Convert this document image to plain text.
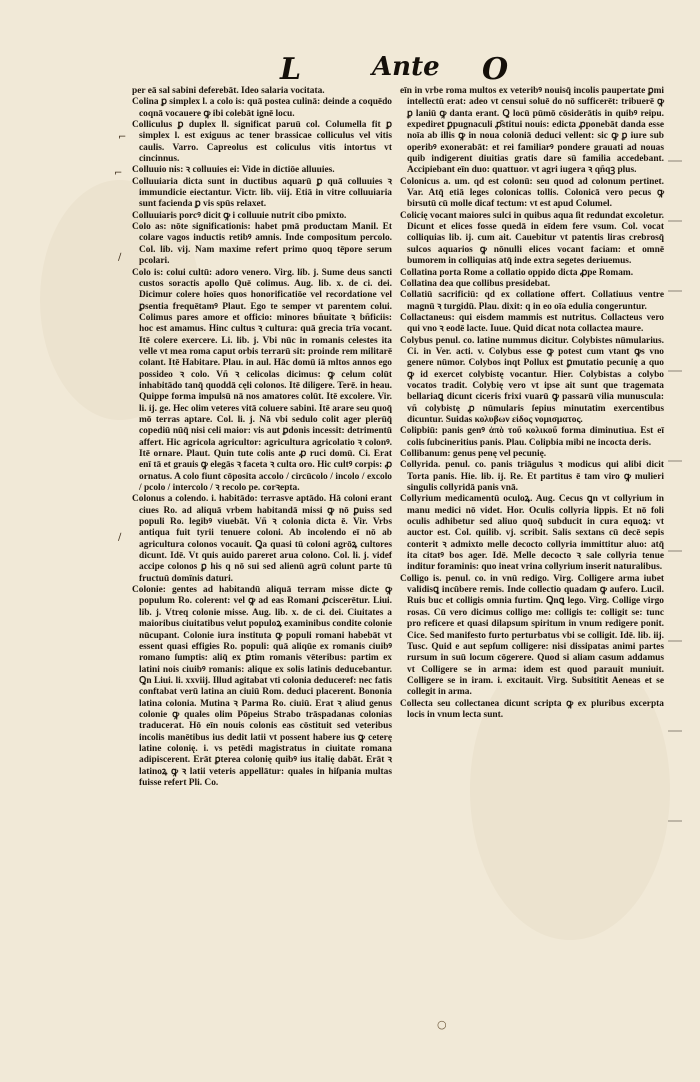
L	Ante O
⌐
⌐
∕
∕

per eā sal sabini deferebāt. Ideo salaria vocitata.

Colina ꝑ simplex l. a colo is: quā postea culinā: deinde a coquēdo coqnā vocauere ꝙ ibi colebāt ignē locu.

Colliculus ꝑ duplex ll. significat paruū col. Columella fit ꝑ simplex l. est exiguus ac tener brassicae colliculus vel vitis caulis. Varro. Capreolus est coliculus vitis intortus vt cincinnus.

Colluuio nis: ꝛ colluuies ei: Vide in dictiōe alluuies.

Colluuiaria dicta sunt in ductibus aquarū ꝑ quā colluuies ꝛ immundicie eiectantur. Victr. lib. viij. Etiā in vitre colluuiaria sunt facienda ꝑ vis spūs relaxet.

Colluuiaris porcꝰ dicit ꝙ i colluuie nutrit cibo pmixto.

Colo as: nōte significationis: habet pmā productam Manil. Et colare vagos inductis retibꝰ amnis. Inde compositum percolo. Col. lib. vij. Nam maxime refert primo quoq tēpore serum pcolari.

Colo is: colui cultū: adoro venero. Virg. lib. j. Sume deus sancti custos soractis apollo Quē colimus. Aug. lib. x. de ci. dei. Dicimur colere hoīes quos honorificatiōe vel recordatione vel ꝑsentia frequētamꝰ Plaut. Ego te semper vt parentem colui. Colimus pares amore et officio: minores bñuitate ꝛ bñficiis: hoc est amamus. Hinc cultus ꝛ cultura: quā grecia trīa vocant. Itē colere exercere. Li. lib. j. Vbi nūc in romanis celestes ita velle vt mea roma caput orbis terrarū sit: proinde rem militarē colant. Itē Habitare. Plau. in aul. Hāc domū iā mltos annos ego possideo ꝛ colo. Vñ ꝛ celicolas dicimus: ꝙ celum colūt inhabitādo tanq̄ quoddā cęli colonos. Itē diligere. Terē. in heau. Quippe forma impulsū nā nos amatores colūt. Itē excolere. Vir. li. ij. ge. Hec olim veteres vitā coluere sabini. Itē arare seu quoq̄ mō terras aptare. Col. li. j. Nā vbi sedulo colit ager plerūq̄ copediū nūq̄ nisi celi maior: vis aut ꝑdonis incessit: detrimentū affert. Hic agricola agricultor: agricultura agricolatio ꝛ colonꝰ. Itē ornare. Plaut. Quin tute colis ante ꝓ ruci domū. Ci. Erat enī tā et grauis ꝙ elegās ꝛ faceta ꝛ culta oro. Hic cultꝰ corpis: ꝓ ornatus. A colo fiunt cōposita accolo / circūcolo / incolo / excolo / pcolo / intercolo / ꝛ recolo pe. corꝛepta.

Colonus a colendo. i. habitādo: terrasve aptādo. Hā coloni erant ciues Ro. ad aliquā vrbem habitandā missi ꝙ nō ꝑuiss sed populi Ro. legibꝰ viuebāt. Vñ ꝛ colonia dicta ē. Vir. Vrbs antiqua fuit tyrii tenuere coloni. Ab incolendo eī nō ab agricultura colonos vocauit. Ꝗa quasi tū coloni agrōꝝ cultores dicunt. Idē. Vt quis auido pareret arua colono. Col. li. j. videf accipe colonos ꝑ his q nō sui sed alienū agrū colunt parte tū fructuū domīnis daturi.

Colonie: gentes ad habitandū aliquā terram misse dicte ꝙ populum Ro. colerent: vel ꝙ ad eas Romani ꝓciscerētur. Liui. lib. j. Vtreq colonie misse. Aug. lib. x. de ci. dei. Ciuitates a maioribus ciuitatibus velut populoꝝ examinibus condite colonie nūcupant. Colonie iura instituta ꝙ populi romani habebāt vt essent quasi effigies Ro. populi: quā aliqūe ex romanis ciuibꝰ romano ſumptis: aliq̄ ex ꝑtim romanis vēteribus: partim ex latini nois ciuibꝰ romanis: alique ex solis latinis deducebantur. Ꝗn Liui. li. xxviij. Illud agitabat vti colonia deduceref: nec fatis conftabat verū latina an ciuiū Rom. deduci placerent. Bononia latina colonia. Mutina ꝛ Parma Ro. ciuiū. Erat ꝛ aliud genus colonie ꝙ quales olim Pōpeius Strabo trāspadanas colonias traducerat. Hō eīn nouis colonis eas cōstituit sed veteribus incolis manētibus ius dedit latii vt possent habere ius ꝙ ceterę latine colonię. i. vs petēdi magistratus in ciuitate romana adipiscerent. Erāt ꝑterea colonię quibꝰ ius italię dabāt. Erāt ꝛ latinoꝝ ꝙ ꝛ latii veteris appellātur: quales in hiſpania multas fuisse refert Pli. Co.

eīn in vrbe roma multos ex veteribꝰ nouisq̄ incolis paupertate ꝑmi intellectū erat: adeo vt censui soluē do nō sufficerēt: tribuerē ꝙ ꝑ laniū ꝙ danta erant. Ꝗ locū pūmō cōsiderātis in quibꝰ reipu. expediret ꝑpugnaculi ꝓ̄stitui nouis: edicta ꝓponebāt danda esse noīa ab illis ꝙ in noua coloniā deduci vellent: sic ꝙ ꝑ iure sub operibꝰ exonerabāt: et rei familiarꝰ pondere grauati ad nouas quib indigerent diuitias gratis dare sū familia accedebant. Accipiebant eīn duo: quattuor. vt agri iugera ꝛ qñqꝫ plus.

Colonicus a. um. qd est colonū: seu quod ad colonum pertinet. Var. Atq̄ etiā leges colonicas tollis. Colonicā vero pecus ꝙ birsutū cū molle dicaf tectum: vt est apud Columel.

Colicię vocant maiores sulci in quibus aqua ſit redundat excoletur. Dicunt et elices fosse quedā in eīdem fere vsum. Col. vocat colliquias lib. ij. cum ait. Cauebitur vt patentis liras crebrosq̄ sulcos aquarios ꝙ nōnulli elices vocant faciam: et omnē bumorem in colliquias atq̄ inde extra segetes deriuemus.

Collatina porta Rome a collatio oppido dicta ꝓpe Romam.

Collatina dea que collibus presidebat.

Collatiū sacrificiū: qd ex collatione offert. Collatiuus ventre magnū ꝛ turgidū. Plau. dixit: q in eo oīa edulia congeruntur.

Collactaneus: qui eisdem mammis est nutritus. Collacteus vero qui vno ꝛ eodē lacte. Iuue. Quid dicat nota collactea maure.

Colybus penul. co. latine nummus dicitur. Colybistes nūmularius. Ci. in Ver. acti. v. Colybus esse ꝙ potest cum vtant ꝙs vno genere nūmor. Colybos inqt Pollux est ꝑmutatio pecunię a quo ꝙ id exercet colybistę vocantur. Hier. Colybistas a colybo vocatos tradit. Colybię vero vt ipse ait sunt que tragemata bellariaꝗ dicunt ciceris frixi vuarū ꝙ passarū vilia munuscula: vñ colybistę ꝓ nūmularis ſepius minutatim exercentibus dicuntur. Suidas κολυβων εἰδος νομισματος.

Colipbiū: panis genꝰ ἀπὸ τοῦ κολικοῦ forma diminutiua. Est eī colis ſubcineritius panis. Plau. Colipbia mibi ne incocta deris.

Collibanum: genus penę vel pecunię.

Collyrida. penul. co. panis triāgulus ꝛ modicus qui alibi dicit Torta panis. Hie. lib. ij. Re. Et partitus ē tam viro ꝙ mulieri singulis collyridā panis vnā.

Collyrium medicamentū oculoꝝ. Aug. Cecus ꝗn vt collyrium in manu medici nō videt. Hor. Oculis collyria lippis. Et nō foli oculis adhibetur sed aliuo quoq̄ subducit in cura equoꝝ: vt auctor est. Col. quilib. vj. scribit. Salis sextans cū decē sepis conterit ꝛ admixto melle decocto collyria immittitur aluo: atq̄ ita citatꝰ bos ager. Idē. Melle decocto ꝛ sale collyria tenue inditur foraminis: quo ineat vrina collyrium inserit naturalibus.

Colligo is. penul. co. in vnū redigo. Virg. Colligere arma iubet validisꝗ incūbere remis. Inde collectio quadam ꝙ aufero. Lucil. Ruis buc et colligis omnia furtim. Ꝗnꝗ lego. Virg. Collige virgo rosas. Cū vero dicimus colligo me: colligis te: colligit se: tunc pro reficere et quasi dilapsum spiritum in vnum redigere ponit. Cice. Sed manifesto furto perturbatus vbi se colligit. Idē. lib. iij. Tusc. Quid e aut sepſum colligere: nisi dissipatas animi partes rursum in suū locum cōgerere. Quod si aliam casum addamus vt Colligere se in arma: idem est quod parauit muniuit. Colligere se in iram. i. excitauit. Virg. Subsititit Aeneas et se collegit in arma.

Collecta seu collectanea dicunt scripta ꝙ ex pluribus excerpta locis in vnum lecta sunt.

○
